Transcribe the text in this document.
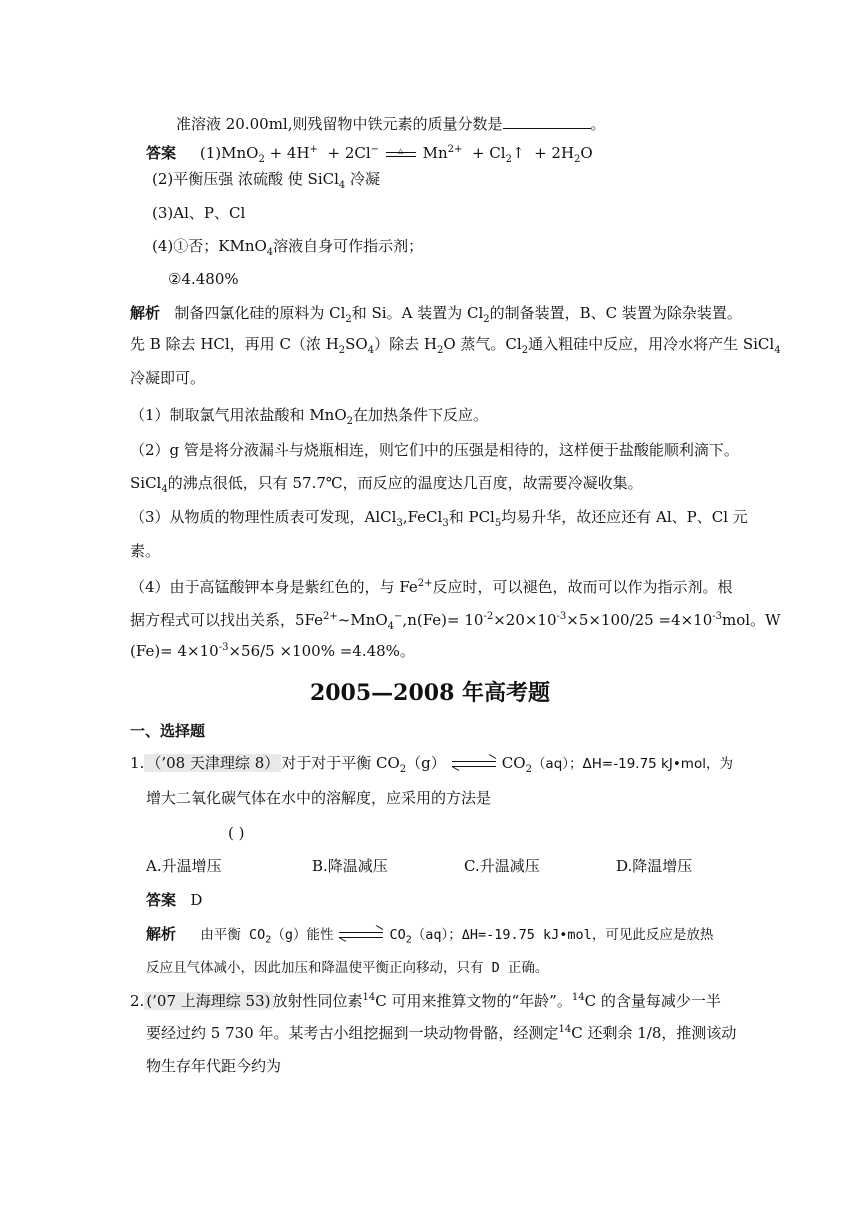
准溶液 20.00ml,则残留物中铁元素的质量分数是	。
答案 (1)MnO$_2$ + 4H+  + 2Cl−	△ $Mn^{2+}$  + $Cl_2↑ + 2H_2O$
(2)平衡压强 浓硫酸 使 SiCl$_4$ 冷凝
(3)Al、P、Cl
(4)①否；KMnO$_4$溶液自身可作指示剂；
②4.480%
解析 制备四氯化硅的原料为 $Cl_2$和 Si。A 装置为 $Cl_2$的制备装置，B、C 装置为除杂装置。
先 B 除去 HCl，再用 C（浓 $H_2SO_4$）除去 $H_2O$ 蒸气。$Cl_2$通入粗硅中反应，用冷水将产生 SiCl$_4$
冷凝即可。
（1）制取氯气用浓盐酸和 MnO$_2$在加热条件下反应。
（2）g 管是将分液漏斗与烧瓶相连，则它们中的压强是相待的，这样便于盐酸能顺利滴下。
SiCl$_4$的沸点很低，只有 57.7℃，而反应的温度达几百度，故需要冷凝收集。
（3）从物质的物理性质表可发现，AlCl$_3$,FeCl$_3$和 PCl$_5$均易升华，故还应还有 Al、P、Cl 元
素。
（4）由于高锰酸钾本身是紫红色的，与 $Fe^{2+}$反应时，可以褪色，故而可以作为指示剂。根
据方程式可以找出关系，$5Fe^{2+}\sim MnO_4^-,n(Fe)= 10^{-2}\times 20\times 10^{-3}\times 5\times 100/25 =4\times 10^{-3}mol$。W
$(Fe)= 4\times 10^{-3}\times 56/5 \times 100\% =4.48\%$。
2005—2008 年高考题
一、选择题
1. （’08 天津理综 8） 对于对于平衡 $CO_2(g)$	$CO_2(aq)$；ΔH=-19.75 kJ•mol，为
增大二氧化碳气体在水中的溶解度，应采用的方法是
( )
A.升温增压	B.降温减压	C.升温减压	D.降温增压
答案 D
解析 由平衡 $CO_2(g)$能性	$CO_2(aq)$；ΔH=-19.75 kJ•mol，可见此反应是放热
反应且气体减小，因此加压和降温使平衡正向移动，只有 D 正确。
2. (’07 上海理综 53) 放射性同位素$^{14}$C 可用来推算文物的“年龄”。$^{14}$C 的含量每减少一半
要经过约 5 730 年。某考古小组挖掘到一块动物骨骼，经测定$^{14}$C 还剩余 1/8，推测该动
物生存年代距今约为
